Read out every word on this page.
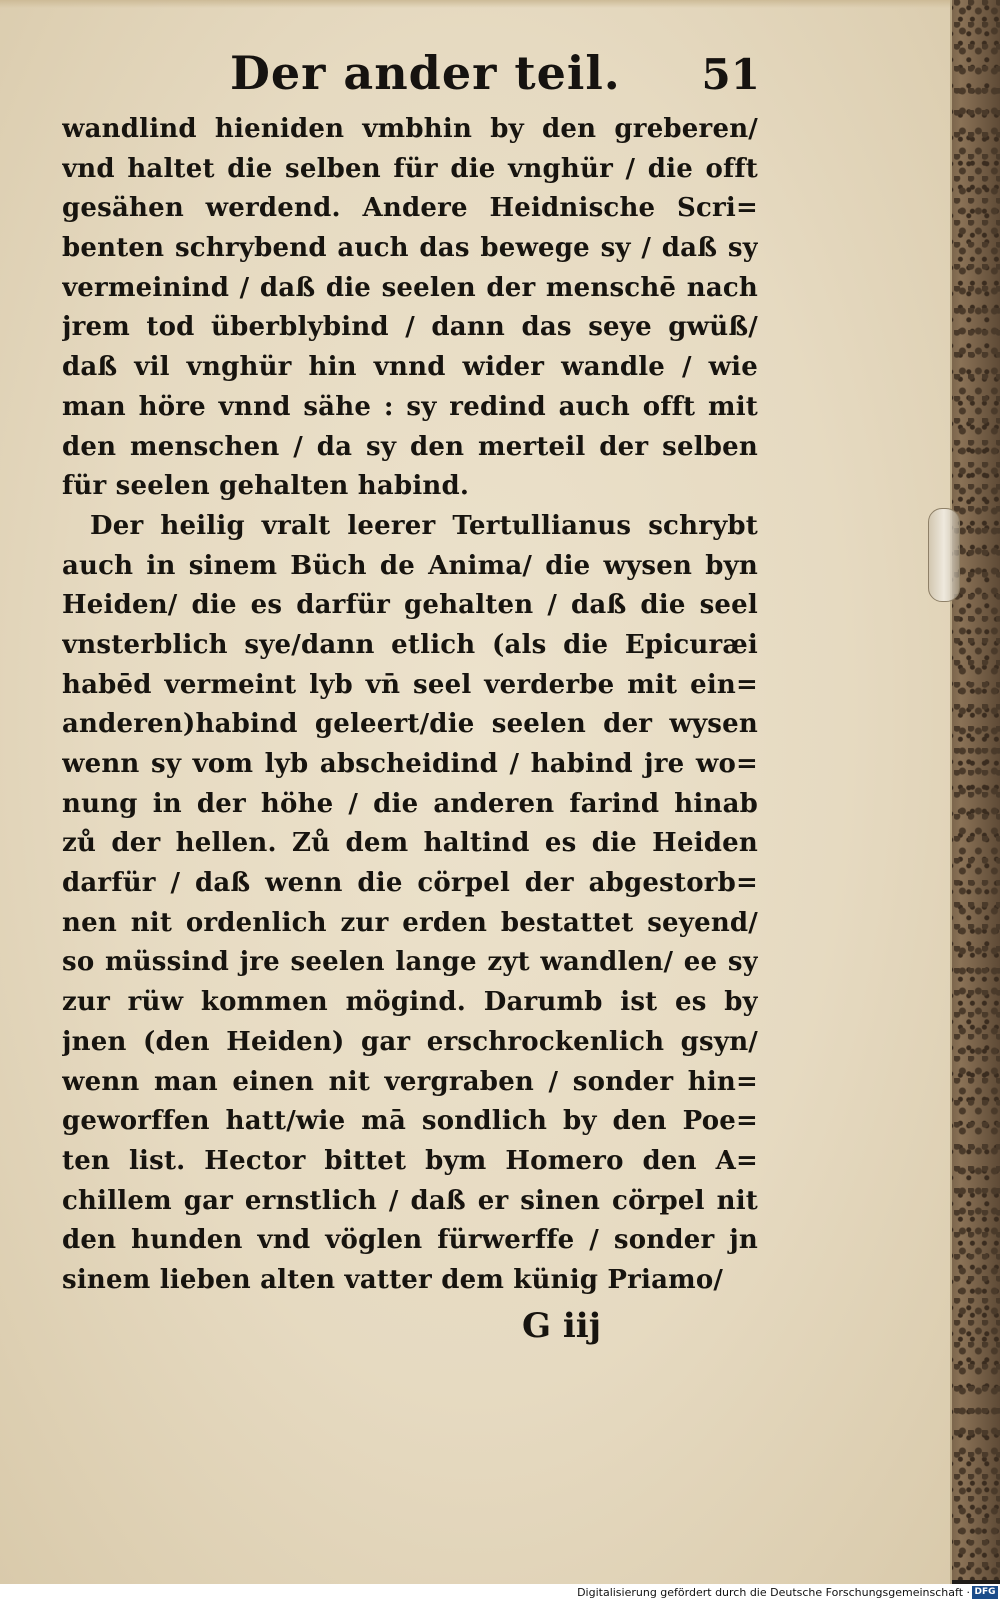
Der ander teil. 51
wandlind hieniden vmbhin by den greberen/
vnd haltet die selben für die vnghür / die offt
gesähen werdend. Andere Heidnische Scri=
benten schrybend auch das bewege sy / daß sy
vermeinind / daß die seelen der menschē nach
jrem tod überblybind / dann das seye gwüß/
daß vil vnghür hin vnnd wider wandle / wie
man höre vnnd sähe : sy redind auch offt mit
den menschen / da sy den merteil der selben
für seelen gehalten habind.
Der heilig vralt leerer Tertullianus schrybt
auch in sinem Büch de Anima/ die wysen byn
Heiden/ die es darfür gehalten / daß die seel
vnsterblich sye/dann etlich (als die Epicuræi
habēd vermeint lyb vn̄ seel verderbe mit ein=
anderen)habind geleert/die seelen der wysen
wenn sy vom lyb abscheidind / habind jre wo=
nung in der höhe / die anderen farind hinab
zů der hellen. Zů dem haltind es die Heiden
darfür / daß wenn die cörpel der abgestorb=
nen nit ordenlich zur erden bestattet seyend/
so müssind jre seelen lange zyt wandlen/ ee sy
zur rüw kommen mögind. Darumb ist es by
jnen (den Heiden) gar erschrockenlich gsyn/
wenn man einen nit vergraben / sonder hin=
geworffen hatt/wie mā sondlich by den Poe=
ten list. Hector bittet bym Homero den A=
chillem gar ernstlich / daß er sinen cörpel nit
den hunden vnd vöglen fürwerffe / sonder jn
sinem lieben alten vatter dem künig Priamo/
G iij
Digitalisierung gefördert durch die Deutsche Forschungsgemeinschaft · DFG
